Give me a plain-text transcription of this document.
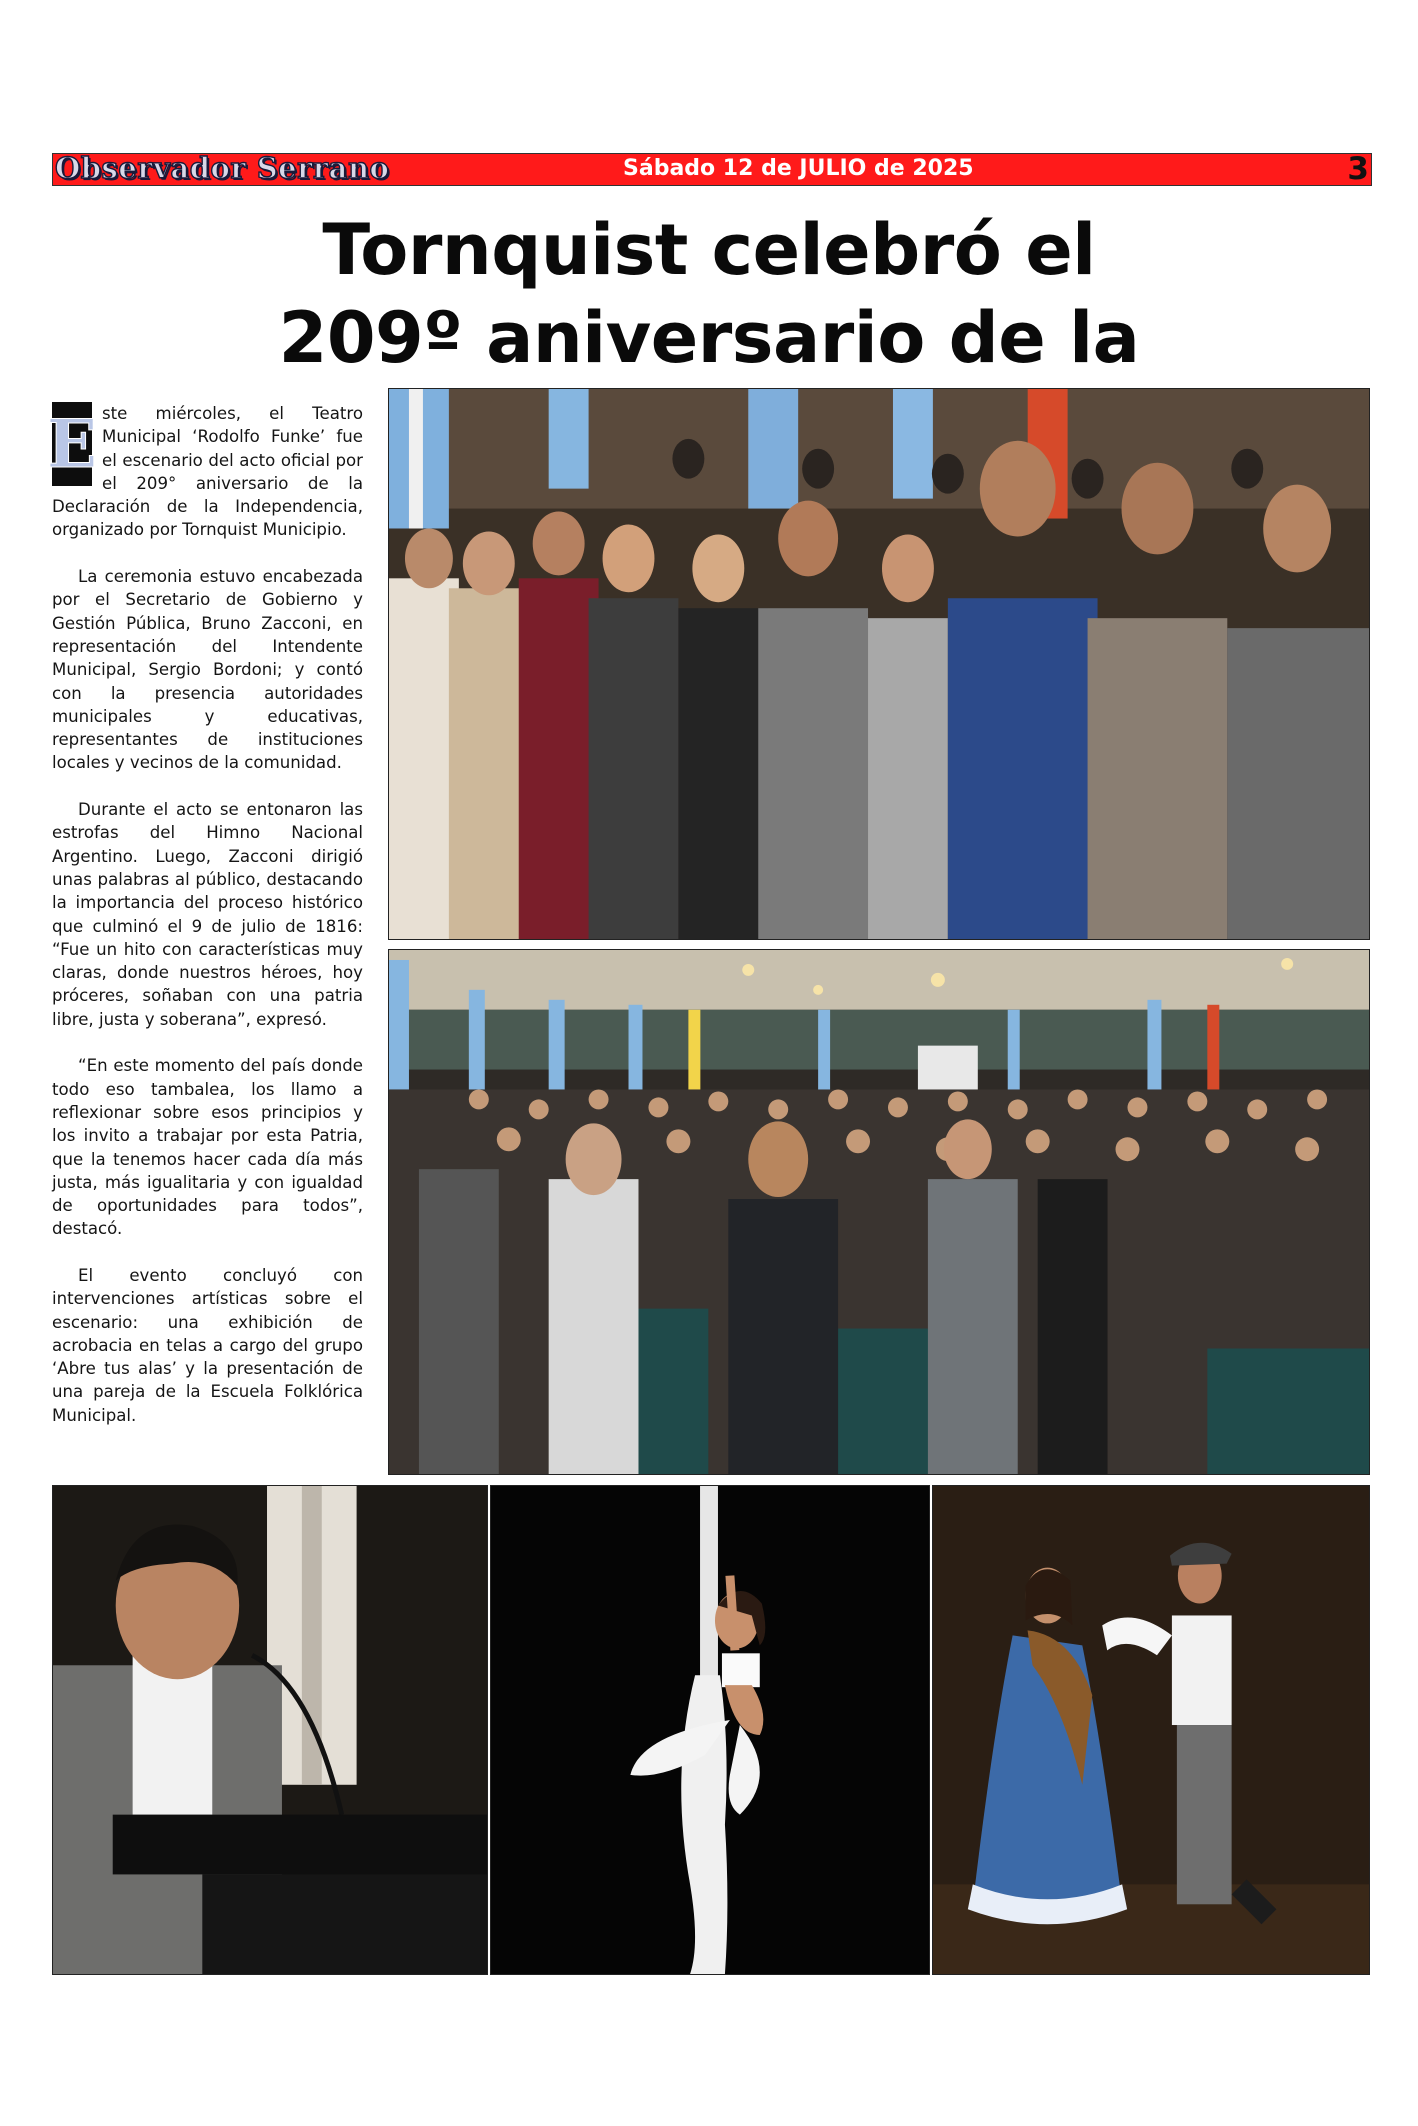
Observador Serrano	Sábado 12 de JULIO de 2025	3
Tornquist celebró el
209º aniversario de la

E ste miércoles, el Teatro Municipal ‘Rodolfo Funke’ fue el escenario del acto oficial por el 209° aniversario de la Declaración de la Independencia, organizado por Tornquist Municipio.

La ceremonia estuvo encabezada por el Secretario de Gobierno y Gestión Pública, Bruno Zacconi, en representación del Intendente Municipal, Sergio Bordoni; y contó con la presencia autoridades municipales y educativas, representantes de instituciones locales y vecinos de la comunidad.

Durante el acto se entonaron las estrofas del Himno Nacional Argentino. Luego, Zacconi dirigió unas palabras al público, destacando la importancia del proceso histórico que culminó el 9 de julio de 1816: “Fue un hito con características muy claras, donde nuestros héroes, hoy próceres, soñaban con una patria libre, justa y soberana”, expresó.

“En este momento del país donde todo eso tambalea, los llamo a reflexionar sobre esos principios y los invito a trabajar por esta Patria, que la tenemos hacer cada día más justa, más igualitaria y con igualdad de oportunidades para todos”, destacó.

El evento concluyó con intervenciones artísticas sobre el escenario: una exhibición de acrobacia en telas a cargo del grupo ‘Abre tus alas’ y la presentación de una pareja de la Escuela Folklórica Municipal.
